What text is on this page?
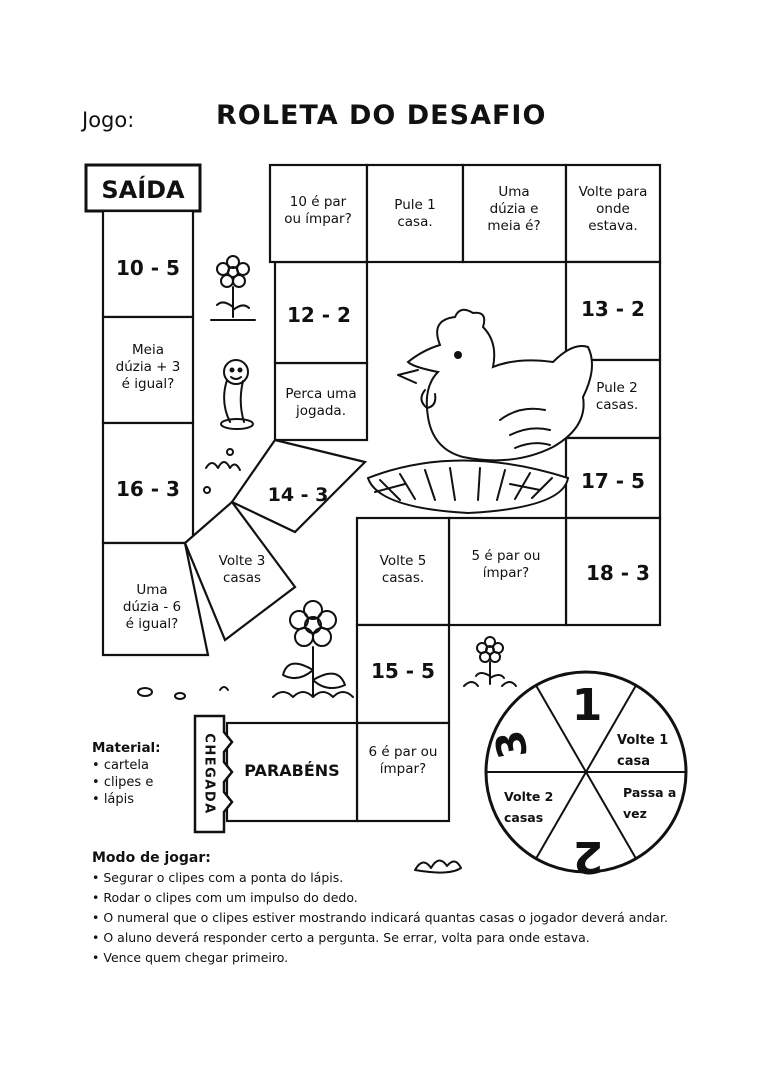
Jogo:	ROLETA DO DESAFIO
SAÍDA
10 - 5
Meia dúzia + 3 é igual?
16 - 3
Uma dúzia - 6 é igual?
Volte 3 casas
14 - 3
Perca uma jogada.
12 - 2
10 é par ou ímpar?
Pule 1 casa.
Uma dúzia e meia é?
Volte para onde estava.
13 - 2
Pule 2 casas.
17 - 5
18 - 3
5 é par ou ímpar?
Volte 5 casas.
15 - 5
6 é par ou ímpar?
PARABÉNS
CHEGADA
1
3
2
Volte 1 casa
Passa a vez
Volte 2 casas
Material:
• cartela
• clipes e
• lápis
Modo de jogar:
• Segurar o clipes com a ponta do lápis.
• Rodar o clipes com um impulso do dedo.
• O numeral que o clipes estiver mostrando indicará quantas casas o jogador deverá andar.
• O aluno deverá responder certo a pergunta. Se errar, volta para onde estava.
• Vence quem chegar primeiro.
